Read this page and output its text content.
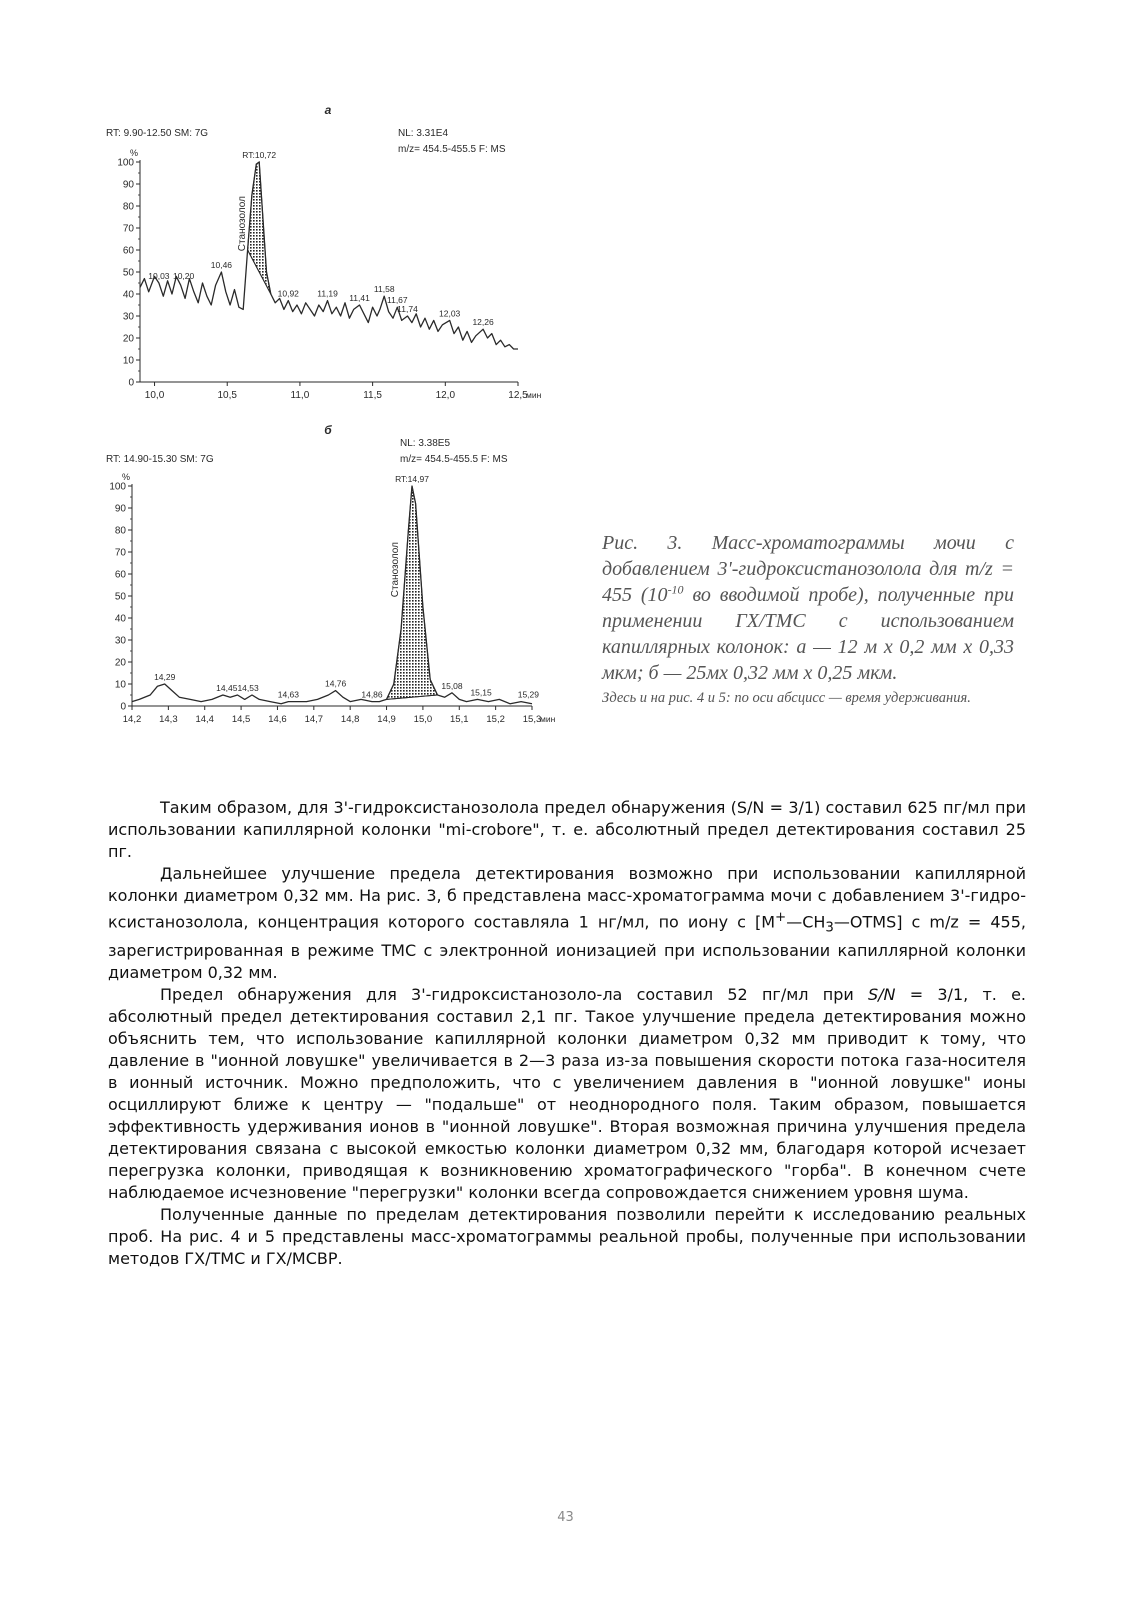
а
RT: 9.90-12.50 SM: 7G	NL: 3.31E4
m/z= 454.5-455.5 F: MS
%
0
10
20
30
40
50
60
70
80
90
100
10,0	10,5	11,0	11,5	12,0	12,5
мин
RT:10,72
Станозолол
10,03 10,20
10,46
10,92 11,19 11,41
11,58
11,67
11,74 12,03
12,26
б
RT: 14.90-15.30 SM: 7G
NL: 3.38E5
m/z= 454.5-455.5 F: MS
%
0
10
20
30
40
50
60
70
80
90
100
14,2 14,3 14,4 14,5 14,6 14,7 14,8 14,9 15,0 15,1 15,2 15,3
мин
RT:14,97
Станозолол
14,29
14,4514,53
14,63
14,76
14,86
15,08
15,15	15,29
Рис. 3. Масс-хроматограммы мочи с добавлением 3'-гидроксистанозолола для m/z = 455 ($10^{-10}$ во вводимой пробе), полученные при применении ГХ/ТМС с использованием капиллярных колонок: а — 12 м х 0,2 мм х 0,33 мкм; б — 25мх 0,32 мм х 0,25 мкм.
Здесь и на рис. 4 и 5: по оси абсцисс — время удерживания.

Таким образом, для 3'-гидроксистанозолола предел обнаружения (S/N = 3/1) составил 625 пг/мл при использовании капиллярной колонки "mi-crobore", т. е. абсолютный предел детектирования составил 25 пг.

Дальнейшее улучшение предела детектирования возможно при использовании капиллярной колонки диаметром 0,32 мм. На рис. 3, б представлена масс-хроматограмма мочи с добавлением 3'-гидро-ксистанозолола, концентрация которого составляла 1 нг/мл, по иону с $[M^+—CH_3—OTMS]$ с m/z = 455, зарегистрированная в режиме ТМС с электронной ионизацией при использовании капиллярной колонки диаметром 0,32 мм.

Предел обнаружения для 3'-гидроксистанозоло-ла составил 52 пг/мл при S/N = 3/1, т. е. абсолютный предел детектирования составил 2,1 пг. Такое улучшение предела детектирования можно объяснить тем, что использование капиллярной колонки диаметром 0,32 мм приводит к тому, что давление в "ионной ловушке" увеличивается в 2—3 раза из-за повышения скорости потока газа-носителя в ионный источник. Можно предположить, что с увеличением давления в "ионной ловушке" ионы осциллируют ближе к центру — "подальше" от неоднородного поля. Таким образом, повышается эффективность удерживания ионов в "ионной ловушке". Вторая возможная причина улучшения предела детектирования связана с высокой емкостью колонки диаметром 0,32 мм, благодаря которой исчезает перегрузка колонки, приводящая к возникновению хроматографического "горба". В конечном счете наблюдаемое исчезновение "перегрузки" колонки всегда сопровождается снижением уровня шума.

Полученные данные по пределам детектирования позволили перейти к исследованию реальных проб. На рис. 4 и 5 представлены масс-хроматограммы реальной пробы, полученные при использовании методов ГХ/ТМС и ГХ/МСВР.

43
